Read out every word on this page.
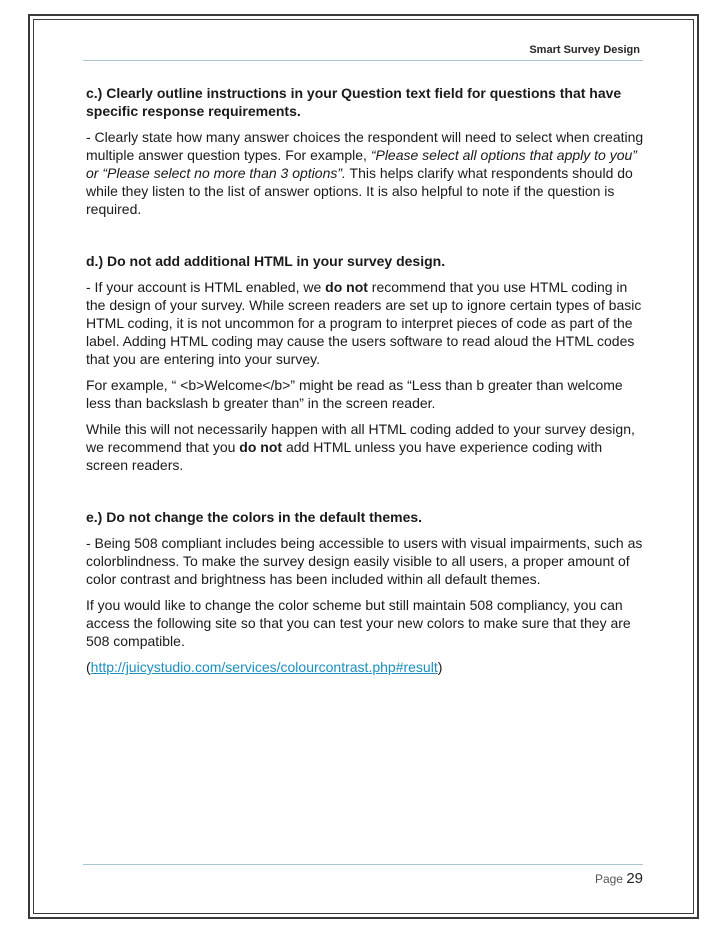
Smart Survey Design

c.) Clearly outline instructions in your Question text field for questions that have specific response requirements.

- Clearly state how many answer choices the respondent will need to select when creating multiple answer question types. For example, “Please select all options that apply to you” or “Please select no more than 3 options”. This helps clarify what respondents should do while they listen to the list of answer options. It is also helpful to note if the question is required.

d.) Do not add additional HTML in your survey design.

- If your account is HTML enabled, we do not recommend that you use HTML coding in the design of your survey. While screen readers are set up to ignore certain types of basic HTML coding, it is not uncommon for a program to interpret pieces of code as part of the label. Adding HTML coding may cause the users software to read aloud the HTML codes that you are entering into your survey.

For example, “ <b>Welcome</b>” might be read as “Less than b greater than welcome less than backslash b greater than” in the screen reader.

While this will not necessarily happen with all HTML coding added to your survey design, we recommend that you do not add HTML unless you have experience coding with screen readers.

e.) Do not change the colors in the default themes.

- Being 508 compliant includes being accessible to users with visual impairments, such as colorblindness. To make the survey design easily visible to all users, a proper amount of color contrast and brightness has been included within all default themes.

If you would like to change the color scheme but still maintain 508 compliancy, you can access the following site so that you can test your new colors to make sure that they are 508 compatible.

(http://juicystudio.com/services/colourcontrast.php#result)

Page 29
